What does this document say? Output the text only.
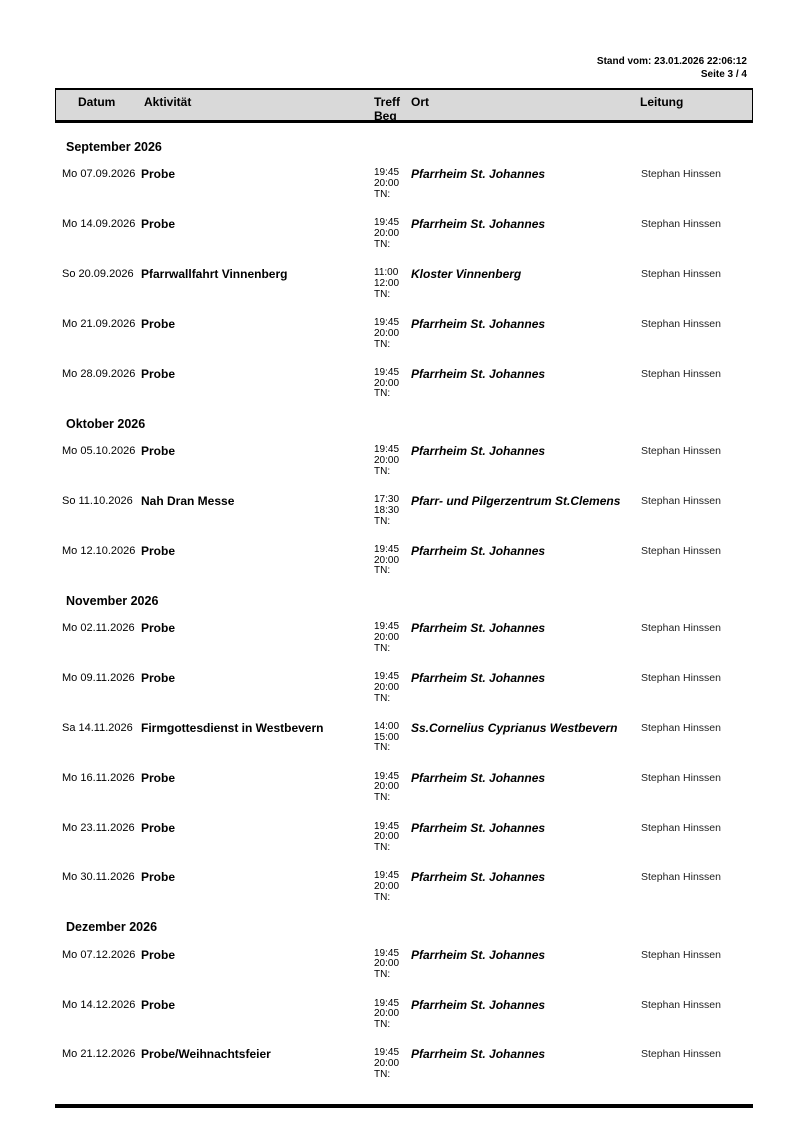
Stand vom: 23.01.2026 22:06:12
Seite 3 / 4
Datum Aktivität	Treff
Beg
Ort	Leitung
September 2026
Mo 07.09.2026 Probe	19:45
20:00
TN:
Pfarrheim St. Johannes	Stephan Hinssen
Mo 14.09.2026 Probe	19:45
20:00
TN:
Pfarrheim St. Johannes	Stephan Hinssen
So 20.09.2026 Pfarrwallfahrt Vinnenberg	11:00
12:00
TN:
Kloster Vinnenberg	Stephan Hinssen
Mo 21.09.2026 Probe	19:45
20:00
TN:
Pfarrheim St. Johannes	Stephan Hinssen
Mo 28.09.2026 Probe	19:45
20:00
TN:
Pfarrheim St. Johannes	Stephan Hinssen
Oktober 2026
Mo 05.10.2026 Probe	19:45
20:00
TN:
Pfarrheim St. Johannes	Stephan Hinssen
So 11.10.2026 Nah Dran Messe	17:30
18:30
TN:
Pfarr- und Pilgerzentrum St.Clemens	Stephan Hinssen
Mo 12.10.2026 Probe	19:45
20:00
TN:
Pfarrheim St. Johannes	Stephan Hinssen
November 2026
Mo 02.11.2026 Probe	19:45
20:00
TN:
Pfarrheim St. Johannes	Stephan Hinssen
Mo 09.11.2026 Probe	19:45
20:00
TN:
Pfarrheim St. Johannes	Stephan Hinssen
Sa 14.11.2026 Firmgottesdienst in Westbevern	14:00
15:00
TN:
Ss.Cornelius Cyprianus Westbevern	Stephan Hinssen
Mo 16.11.2026 Probe	19:45
20:00
TN:
Pfarrheim St. Johannes	Stephan Hinssen
Mo 23.11.2026 Probe	19:45
20:00
TN:
Pfarrheim St. Johannes	Stephan Hinssen
Mo 30.11.2026 Probe	19:45
20:00
TN:
Pfarrheim St. Johannes	Stephan Hinssen
Dezember 2026
Mo 07.12.2026 Probe	19:45
20:00
TN:
Pfarrheim St. Johannes	Stephan Hinssen
Mo 14.12.2026 Probe	19:45
20:00
TN:
Pfarrheim St. Johannes	Stephan Hinssen
Mo 21.12.2026 Probe/Weihnachtsfeier	19:45
20:00
TN:
Pfarrheim St. Johannes	Stephan Hinssen
